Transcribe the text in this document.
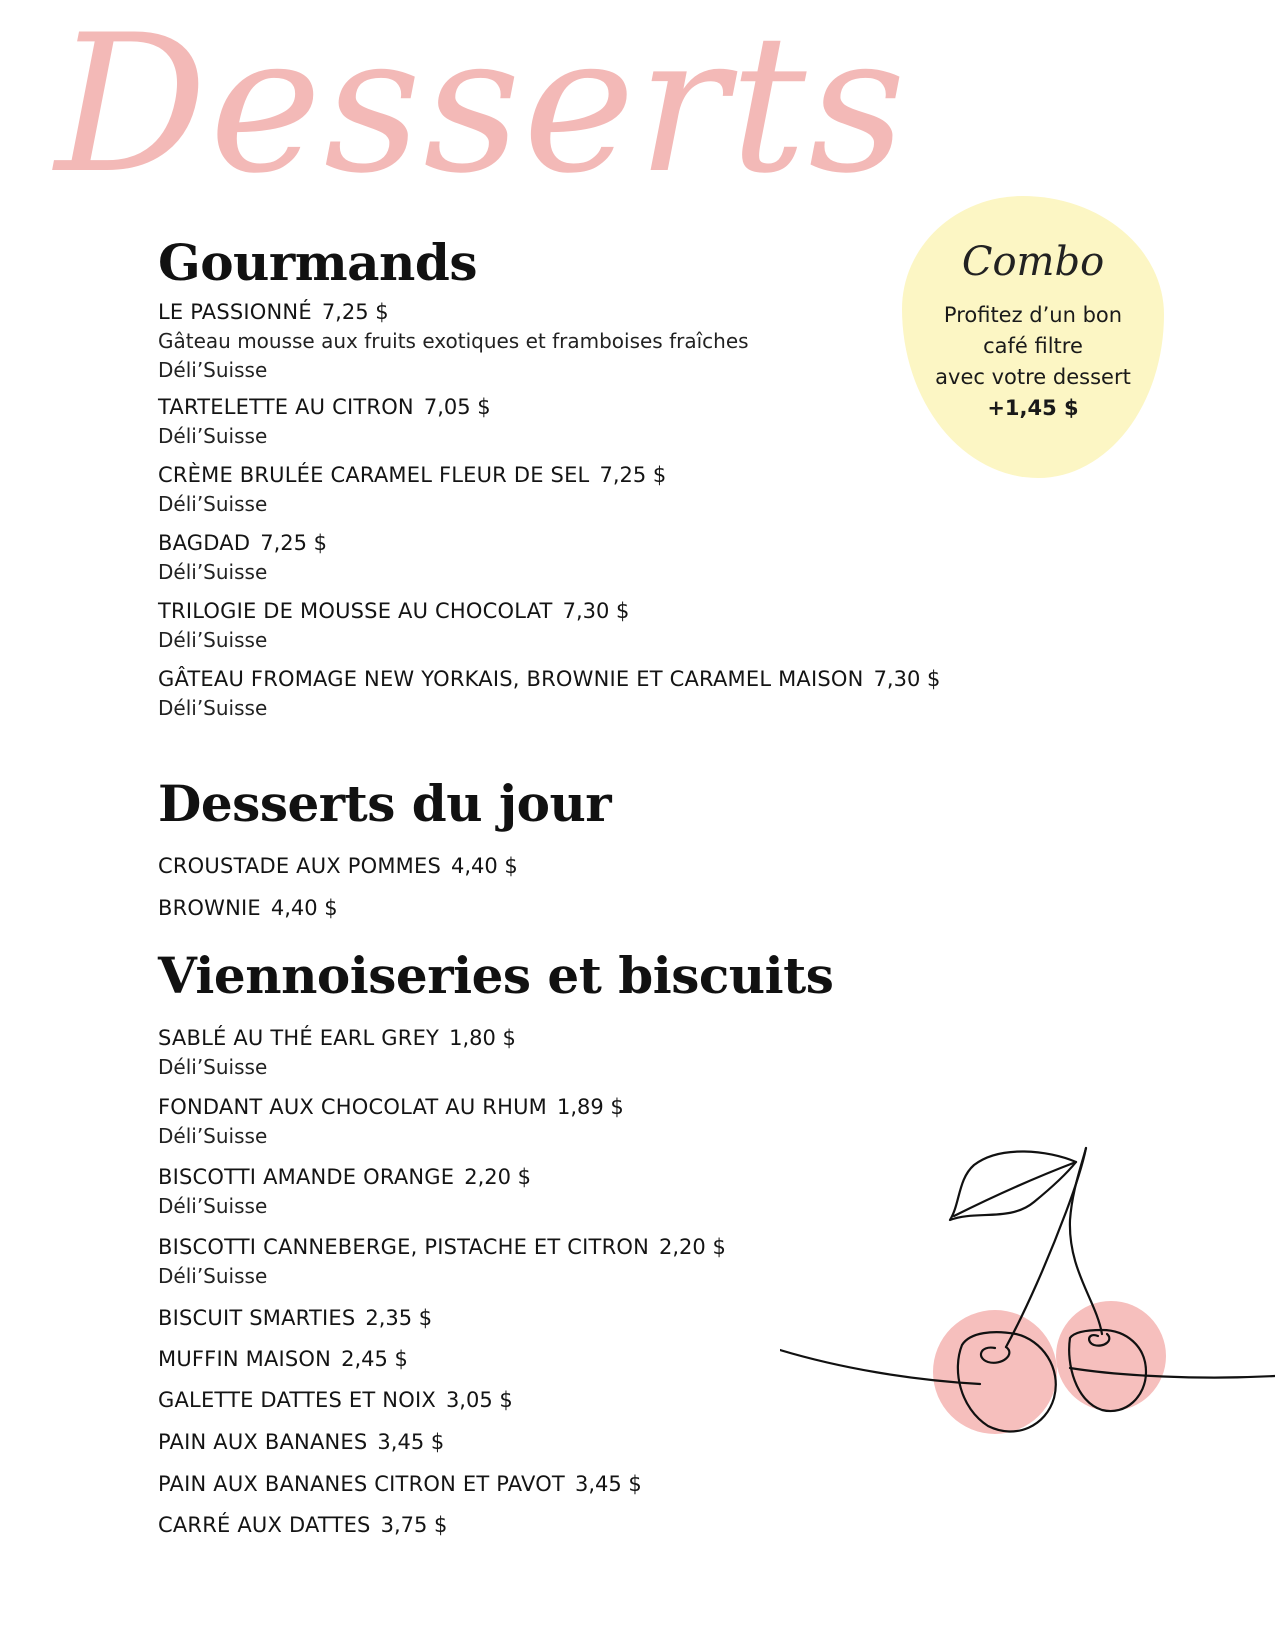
Desserts
Combo
Profitez d’un bon
café filtre
avec votre dessert
+1,45 $
Gourmands
LE PASSIONNÉ 7,25 $
Gâteau mousse aux fruits exotiques et framboises fraîches
Déli’Suisse
TARTELETTE AU CITRON 7,05 $
Déli’Suisse
CRÈME BRULÉE CARAMEL FLEUR DE SEL 7,25 $
Déli’Suisse
BAGDAD 7,25 $
Déli’Suisse
TRILOGIE DE MOUSSE AU CHOCOLAT 7,30 $
Déli’Suisse
GÂTEAU FROMAGE NEW YORKAIS, BROWNIE ET CARAMEL MAISON 7,30 $
Déli’Suisse
Desserts du jour
CROUSTADE AUX POMMES 4,40 $
BROWNIE 4,40 $
Viennoiseries et biscuits
SABLÉ AU THÉ EARL GREY 1,80 $
Déli’Suisse
FONDANT AUX CHOCOLAT AU RHUM 1,89 $
Déli’Suisse
BISCOTTI AMANDE ORANGE 2,20 $
Déli’Suisse
BISCOTTI CANNEBERGE, PISTACHE ET CITRON 2,20 $
Déli’Suisse
BISCUIT SMARTIES 2,35 $
MUFFIN MAISON 2,45 $
GALETTE DATTES ET NOIX 3,05 $
PAIN AUX BANANES 3,45 $
PAIN AUX BANANES CITRON ET PAVOT 3,45 $
CARRÉ AUX DATTES 3,75 $
